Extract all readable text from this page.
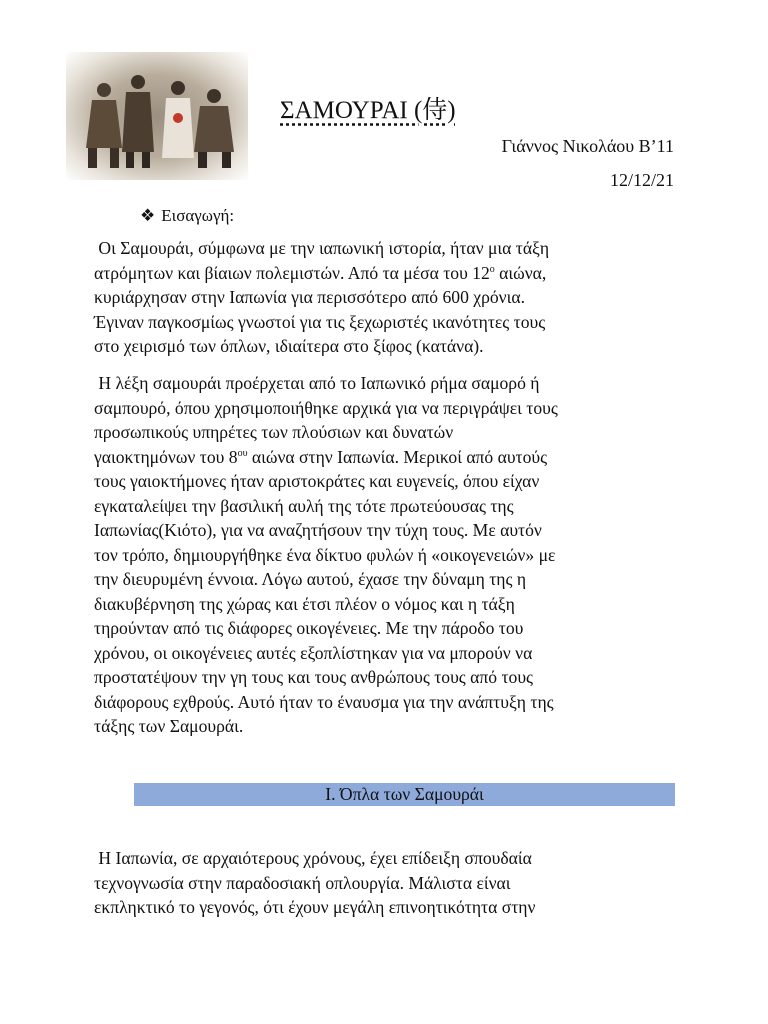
ΣΑΜΟΥΡΑΙ (侍)
Γιάννος Νικολάου Β’11
12/12/21
❖ Εισαγωγή:

Οι Σαμουράι, σύμφωνα με την ιαπωνική ιστορία, ήταν μια τάξη
ατρόμητων και βίαιων πολεμιστών. Από τα μέσα του $12^o$ αιώνα,
κυριάρχησαν στην Ιαπωνία για περισσότερο από 600 χρόνια.
Έγιναν παγκοσμίως γνωστοί για τις ξεχωριστές ικανότητες τους
στο χειρισμό των όπλων, ιδιαίτερα στο ξίφος (κατάνα).

Η λέξη σαμουράι προέρχεται από το Ιαπωνικό ρήμα σαμορό ή
σαμπουρό, όπου χρησιμοποιήθηκε αρχικά για να περιγράψει τους
προσωπικούς υπηρέτες των πλούσιων και δυνατών
γαιοκτημόνων του $8^{o\upsilon}$ αιώνα στην Ιαπωνία. Μερικοί από αυτούς
τους γαιοκτήμονες ήταν αριστοκράτες και ευγενείς, όπου είχαν
εγκαταλείψει την βασιλική αυλή της τότε πρωτεύουσας της
Ιαπωνίας(Κιότο), για να αναζητήσουν την τύχη τους. Με αυτόν
τον τρόπο, δημιουργήθηκε ένα δίκτυο φυλών ή «οικογενειών» με
την διευρυμένη έννοια. Λόγω αυτού, έχασε την δύναμη της η
διακυβέρνηση της χώρας και έτσι πλέον ο νόμος και η τάξη
τηρούνταν από τις διάφορες οικογένειες. Με την πάροδο του
χρόνου, οι οικογένειες αυτές εξοπλίστηκαν για να μπορούν να
προστατέψουν την γη τους και τους ανθρώπους τους από τους
διάφορους εχθρούς. Αυτό ήταν το έναυσμα για την ανάπτυξη της
τάξης των Σαμουράι.

Ι. Όπλα των Σαμουράι

Η Ιαπωνία, σε αρχαιότερους χρόνους, έχει επίδειξη σπουδαία
τεχνογνωσία στην παραδοσιακή οπλουργία. Μάλιστα είναι
εκπληκτικό το γεγονός, ότι έχουν μεγάλη επινοητικότητα στην
